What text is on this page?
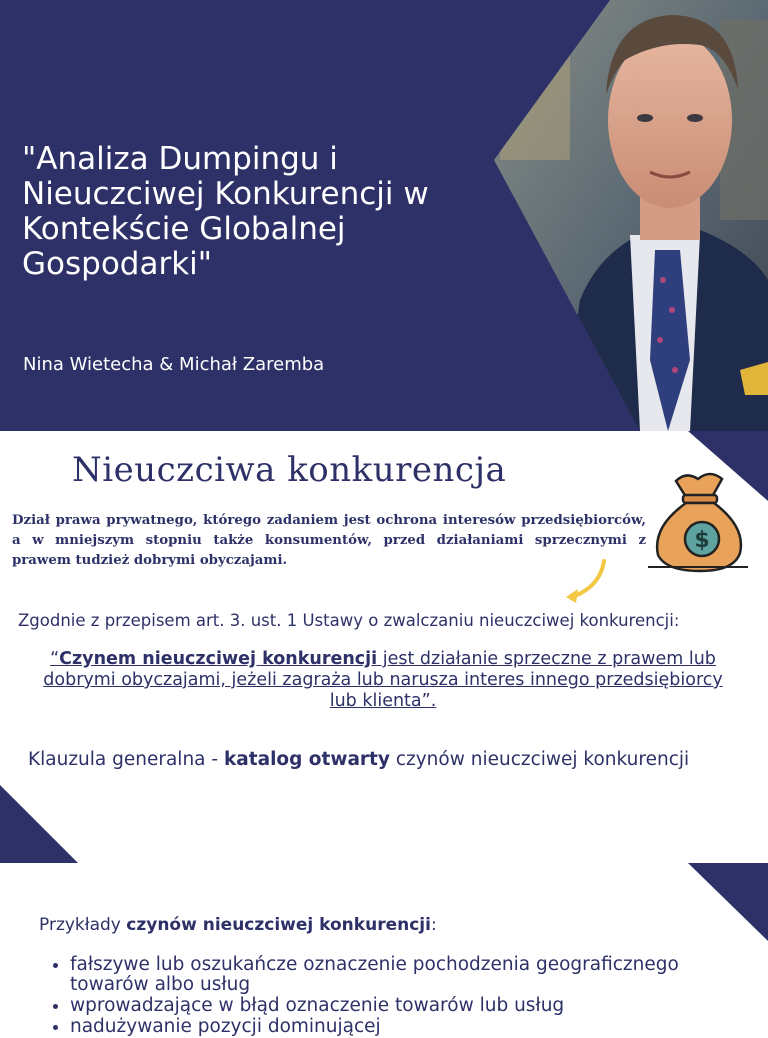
"Analiza Dumpingu i Nieuczciwej Konkurencji w Kontekście Globalnej Gospodarki"
Nina Wietecha & Michał Zaremba
Nieuczciwa konkurencja
$

Dział prawa prywatnego, którego zadaniem jest ochrona interesów przedsiębiorców, a w mniejszym stopniu także konsumentów, przed działaniami sprzecznymi z prawem tudzież dobrymi obyczajami.

Zgodnie z przepisem art. 3. ust. 1 Ustawy o zwalczaniu nieuczciwej konkurencji:

“Czynem nieuczciwej konkurencji jest działanie sprzeczne z prawem lub dobrymi obyczajami, jeżeli zagraża lub narusza interes innego przedsiębiorcy lub klienta”.

Klauzula generalna - katalog otwarty czynów nieuczciwej konkurencji
Przykłady czynów nieuczciwej konkurencji:
• fałszywe lub oszukańcze oznaczenie pochodzenia geograficznego towarów albo usług
• wprowadzające w błąd oznaczenie towarów lub usług
• nadużywanie pozycji dominującej
